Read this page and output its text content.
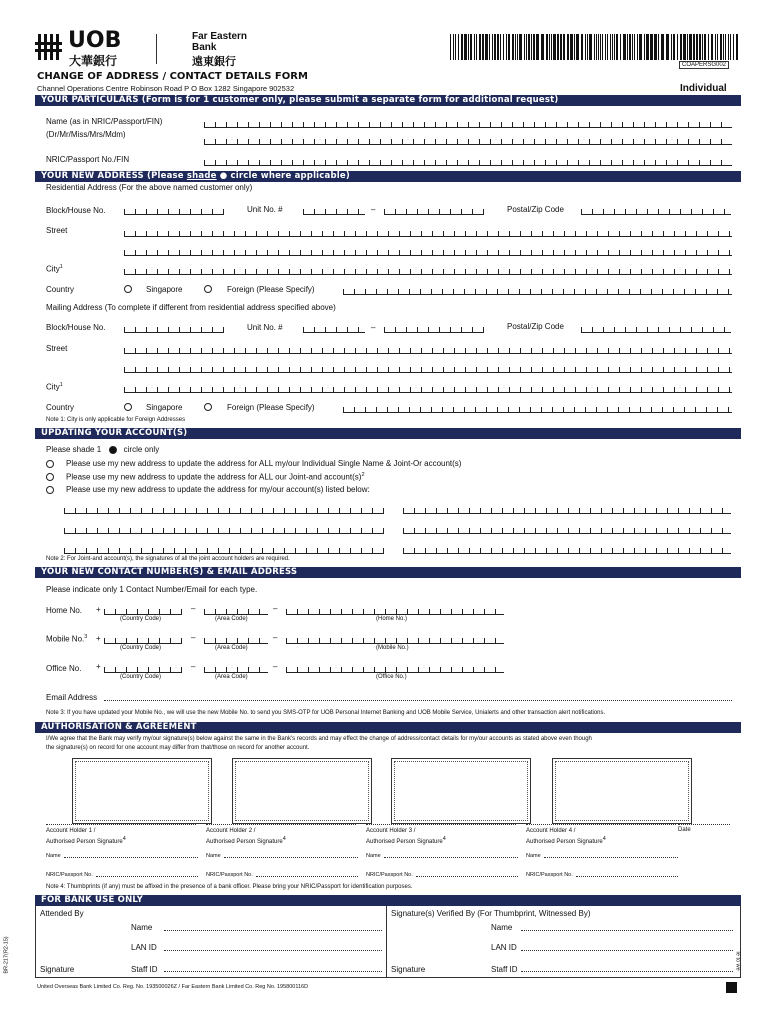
UOB
大華銀行
Far Eastern
Bank
遠東銀行	COAPERSG002
CHANGE OF ADDRESS / CONTACT DETAILS FORM
Channel Operations Centre Robinson Road P O Box 1282 Singapore 902532	Individual
YOUR PARTICULARS (Form is for 1 customer only, please submit a separate form for additional request)
Name (as in NRIC/Passport/FIN)
(Dr/Mr/Miss/Mrs/Mdm)
NRIC/Passport No./FIN
YOUR NEW ADDRESS (Please shade ● circle where applicable)
Residential Address (For the above named customer only)
Block/House No.	Unit No. #	–	Postal/Zip Code
Street
City$^1$
Country	Singapore	Foreign (Please Specify)
Mailing Address (To complete if different from residential address specified above)
Block/House No.	Unit No. #	–	Postal/Zip Code
Street
City$^1$
Country	Singapore	Foreign (Please Specify)
Note 1: City is only applicable for Foreign Addresses
UPDATING YOUR ACCOUNT(S)
Please shade 1	circle only
Please use my new address to update the address for ALL my/our Individual Single Name & Joint-Or account(s)
Please use my new address to update the address for ALL our Joint-and $account(s)^2$
Please use my new address to update the address for my/our account(s) listed below:
Note 2: For Joint-and account(s), the signatures of all the joint account holders are required.
YOUR NEW CONTACT NUMBER(S) & EMAIL ADDRESS
Please indicate only 1 Contact Number/Email for each type.
Home No. +	–	–
(Country Code)	(Area Code)	(Home No.)
Mobile No.$^3$ +	–	–
(Country Code)	(Area Code)	(Mobile No.)
Office No. +	–	–
(Country Code)	(Area Code)	(Office No.)
Email Address
Note 3: If you have updated your Mobile No., we will use the new Mobile No. to send you SMS-OTP for UOB Personal Internet Banking and UOB Mobile Service, Unialerts and other transaction alert notifications.
AUTHORISATION & AGREEMENT
I/We agree that the Bank may verify my/our signature(s) below against the same in the Bank's records and may effect the change of address/contact details for my/our accounts as stated above even though
the signature(s) on record for one account may differ from that/those on record for another account.
Account Holder 1 /
Authorised Person Signature$^4$
Account Holder 2 /
Authorised Person Signature$^4$
Account Holder 3 /
Authorised Person Signature$^4$
Account Holder 4 /
Authorised Person Signature$^4$
Date
Name	Name	Name	Name
NRIC/Passport No.	NRIC/Passport No.	NRIC/Passport No.	NRIC/Passport No.
Note 4: Thumbprints (if any) must be affixed in the presence of a bank officer. Please bring your NRIC/Passport for identification purposes.
FOR BANK USE ONLY
Attended By	Signature(s) Verified By (For Thumbprint, Witnessed By)
Name
LAN ID
Signature	Staff ID
Name
LAN ID
Signature	Staff ID
United Overseas Bank Limited Co. Reg. No. 193500026Z / Far Eastern Bank Limited Co. Reg No. 195800116D
BR-217(R2-15)	Ie to we
